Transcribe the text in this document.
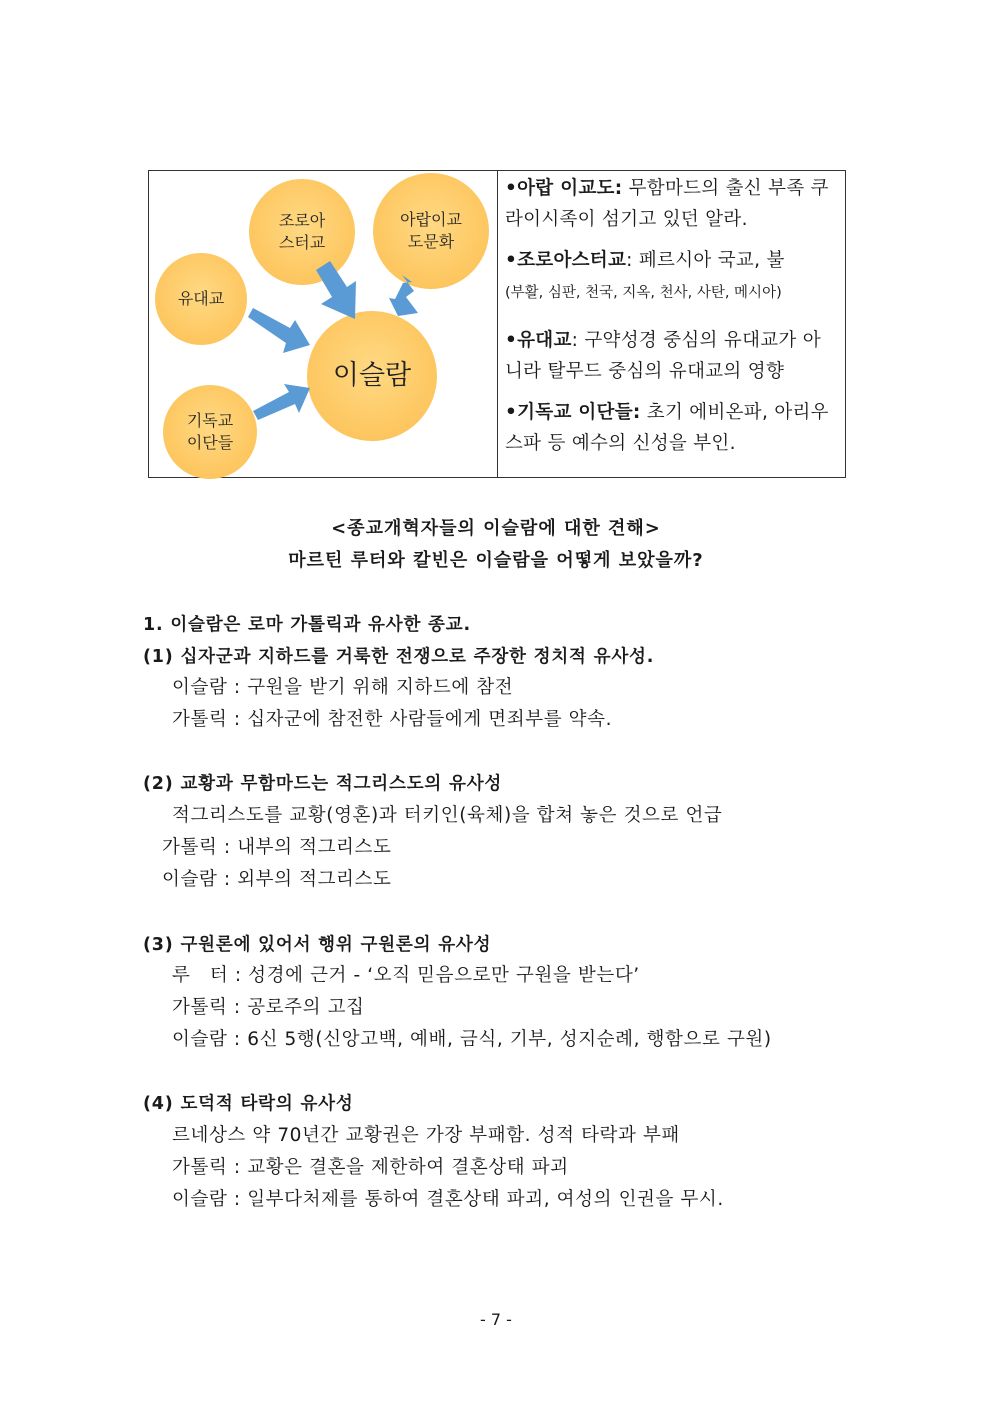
조로아
스터교
아랍이교
도문화
유대교
이슬람
기독교
이단들
•아랍 이교도: 무함마드의 출신 부족 쿠라이시족이 섬기고 있던 알라.
•조로아스터교: 페르시아 국교, 불
(부활, 심판, 천국, 지옥, 천사, 사탄, 메시아)
•유대교: 구약성경 중심의 유대교가 아니라 탈무드 중심의 유대교의 영향
•기독교 이단들: 초기 에비온파, 아리우스파 등 예수의 신성을 부인.
<종교개혁자들의 이슬람에 대한 견해>
마르틴 루터와 칼빈은 이슬람을 어떻게 보았을까?
1. 이슬람은 로마 가톨릭과 유사한 종교.
(1) 십자군과 지하드를 거룩한 전쟁으로 주장한 정치적 유사성.
이슬람 : 구원을 받기 위해 지하드에 참전
가톨릭 : 십자군에 참전한 사람들에게 면죄부를 약속.
(2) 교황과 무함마드는 적그리스도의 유사성
적그리스도를 교황(영혼)과 터키인(육체)을 합쳐 놓은 것으로 언급
가톨릭 : 내부의 적그리스도
이슬람 : 외부의 적그리스도
(3) 구원론에 있어서 행위 구원론의 유사성
루   터 : 성경에 근거 - ‘오직 믿음으로만 구원을 받는다’
가톨릭 : 공로주의 고집
이슬람 : 6신 5행(신앙고백, 예배, 금식, 기부, 성지순례, 행함으로 구원)
(4) 도덕적 타락의 유사성
르네상스 약 70년간 교황권은 가장 부패함. 성적 타락과 부패
가톨릭 : 교황은 결혼을 제한하여 결혼상태 파괴
이슬람 : 일부다처제를 통하여 결혼상태 파괴, 여성의 인권을 무시.
- 7 -
